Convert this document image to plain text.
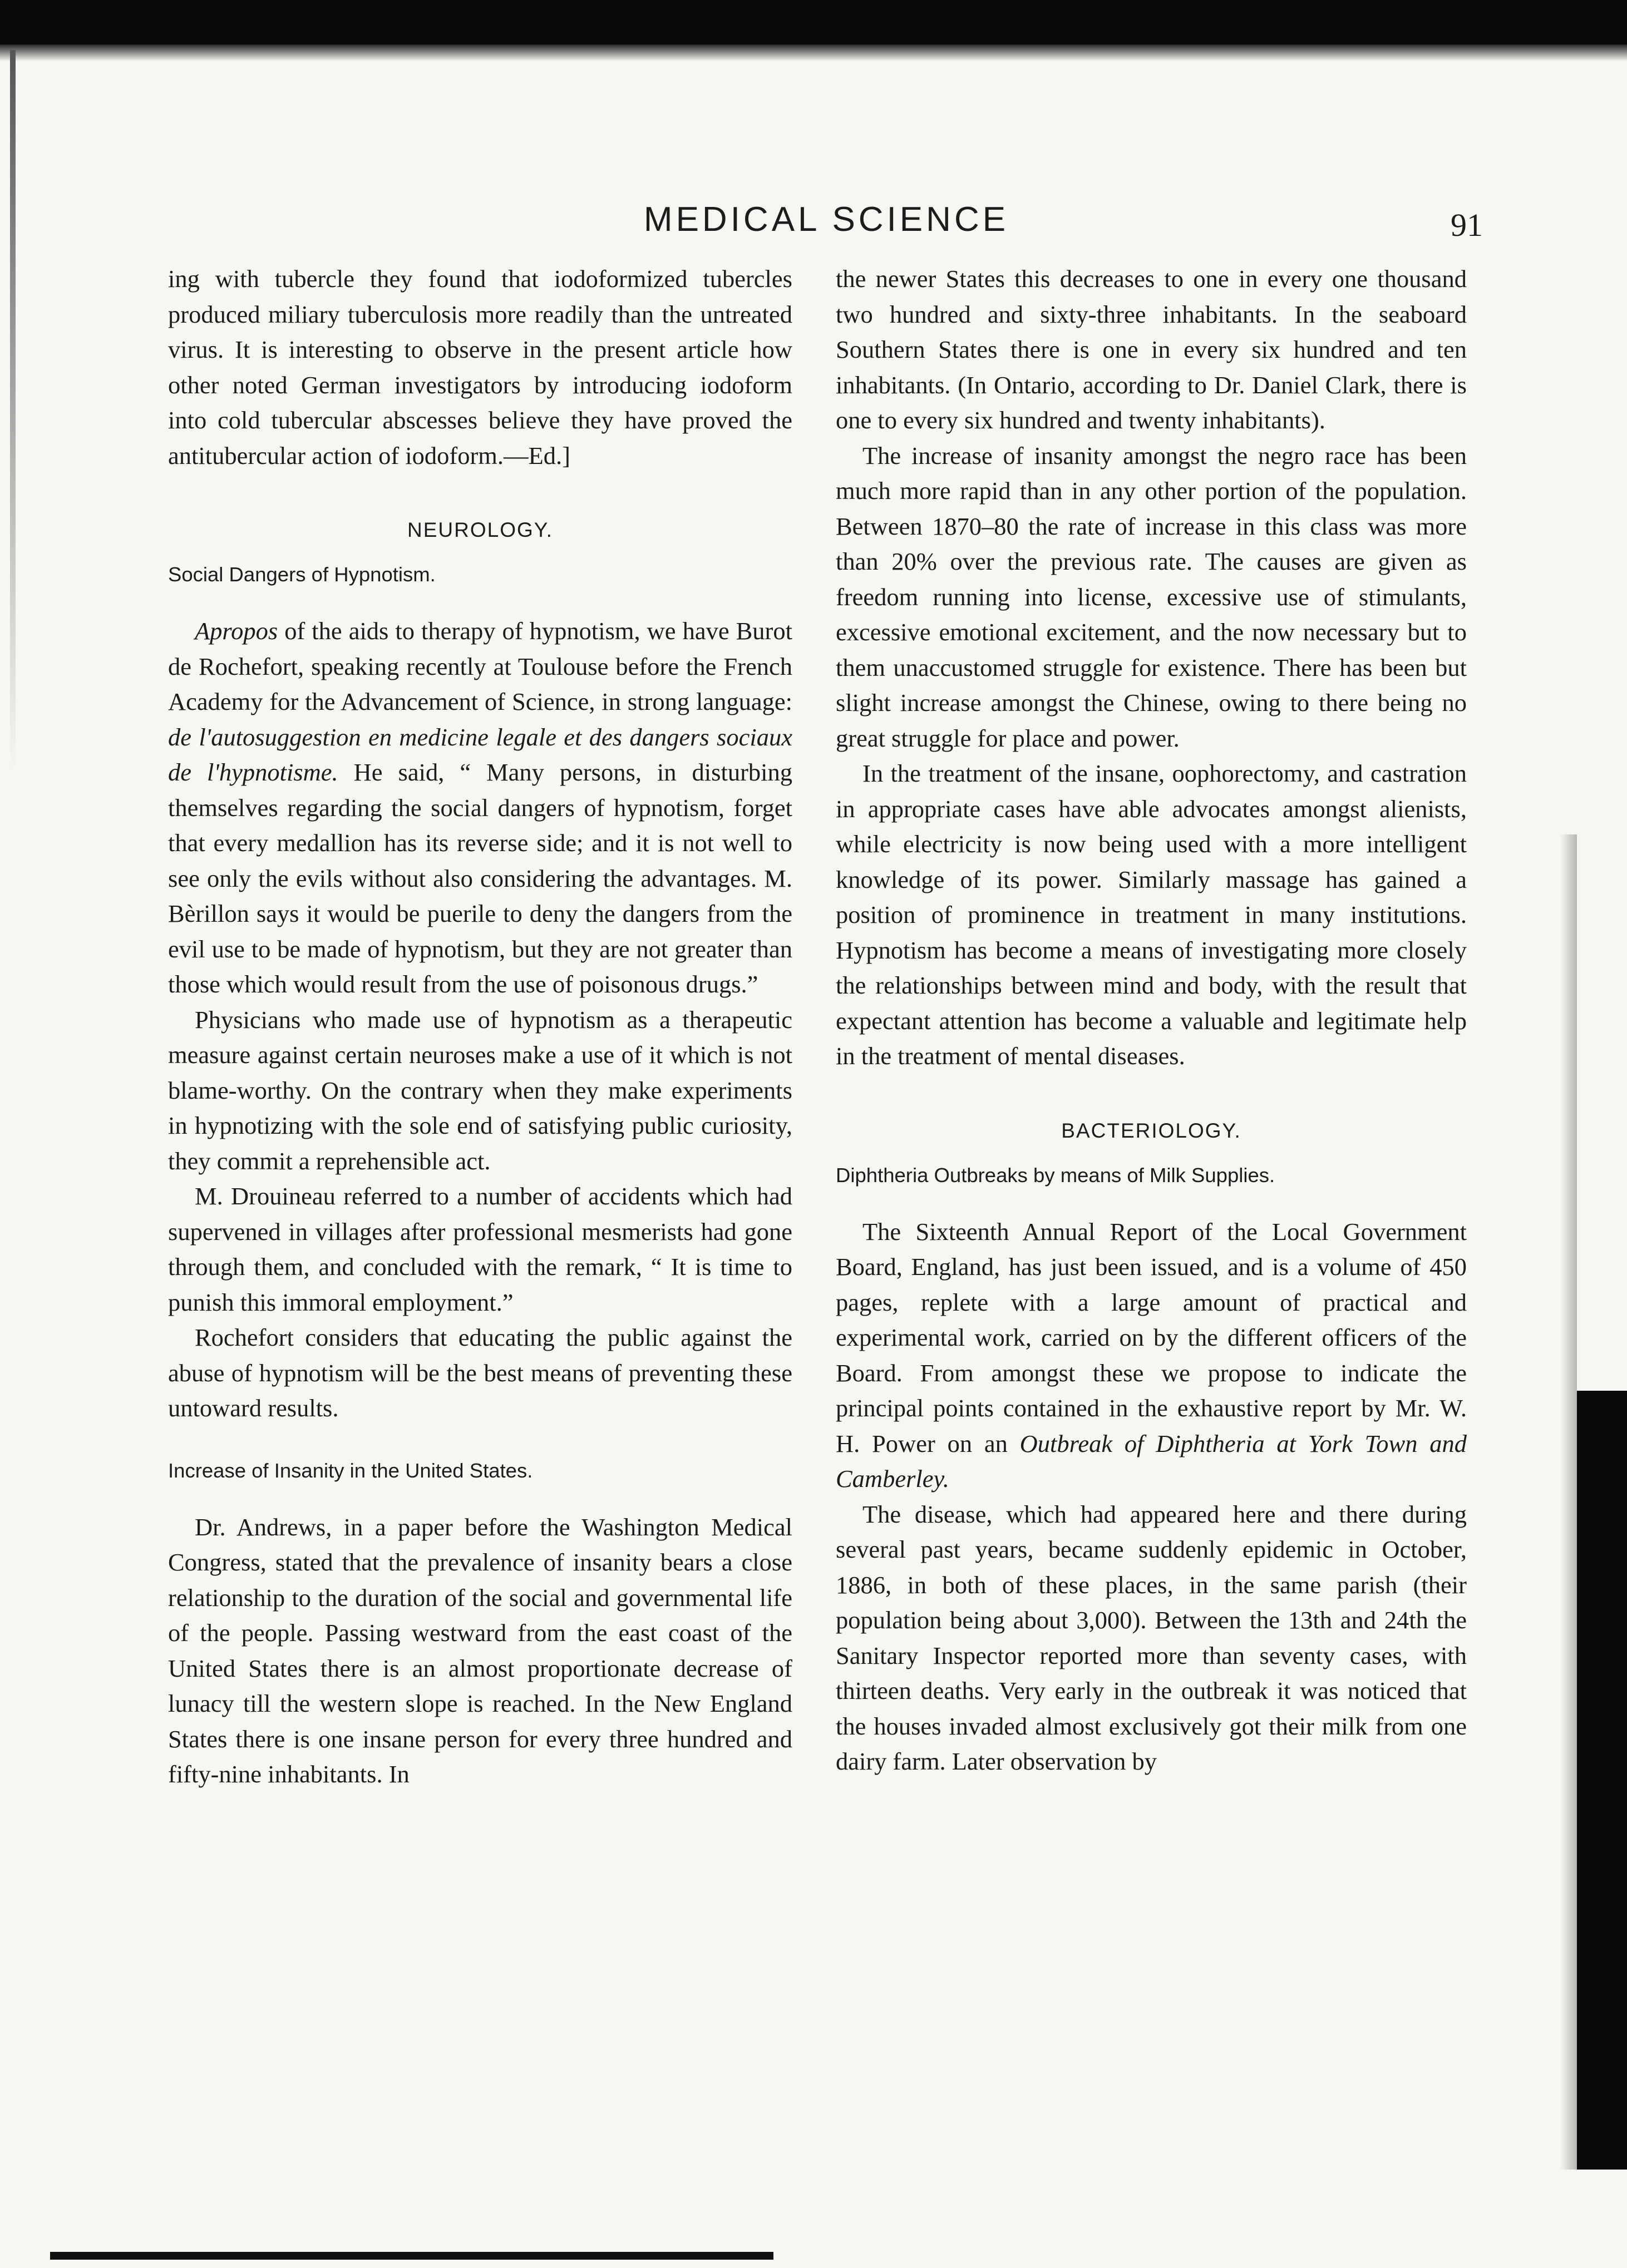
MEDICAL SCIENCE	91

ing with tubercle they found that iodoformized tubercles produced miliary tuberculosis more readily than the untreated virus. It is interesting to observe in the present article how other noted German investigators by introducing iodoform into cold tubercular abscesses believe they have proved the antitubercular action of iodoform.—Ed.]

NEUROLOGY.
Social Dangers of Hypnotism.

Apropos of the aids to therapy of hypnotism, we have Burot de Rochefort, speaking recently at Toulouse before the French Academy for the Advancement of Science, in strong language: de l'autosuggestion en medicine legale et des dangers sociaux de l'hypnotisme. He said, “ Many persons, in disturbing themselves regarding the social dangers of hypnotism, forget that every medallion has its reverse side; and it is not well to see only the evils without also considering the advantages. M. Bèrillon says it would be puerile to deny the dangers from the evil use to be made of hypnotism, but they are not greater than those which would result from the use of poisonous drugs.”

Physicians who made use of hypnotism as a therapeutic measure against certain neuroses make a use of it which is not blame-worthy. On the contrary when they make experiments in hypnotizing with the sole end of satisfying public curiosity, they commit a reprehensible act.

M. Drouineau referred to a number of accidents which had supervened in villages after professional mesmerists had gone through them, and concluded with the remark, “ It is time to punish this immoral employment.”

Rochefort considers that educating the public against the abuse of hypnotism will be the best means of preventing these untoward results.

Increase of Insanity in the United States.

Dr. Andrews, in a paper before the Washington Medical Congress, stated that the prevalence of insanity bears a close relationship to the duration of the social and governmental life of the people. Passing westward from the east coast of the United States there is an almost proportionate decrease of lunacy till the western slope is reached. In the New England States there is one insane person for every three hundred and fifty-nine inhabitants. In

the newer States this decreases to one in every one thousand two hundred and sixty-three inhabitants. In the seaboard Southern States there is one in every six hundred and ten inhabitants. (In Ontario, according to Dr. Daniel Clark, there is one to every six hundred and twenty inhabitants).

The increase of insanity amongst the negro race has been much more rapid than in any other portion of the population. Between 1870–80 the rate of increase in this class was more than 20% over the previous rate. The causes are given as freedom running into license, excessive use of stimulants, excessive emotional excitement, and the now necessary but to them unaccustomed struggle for existence. There has been but slight increase amongst the Chinese, owing to there being no great struggle for place and power.

In the treatment of the insane, oophorectomy, and castration in appropriate cases have able advocates amongst alienists, while electricity is now being used with a more intelligent knowledge of its power. Similarly massage has gained a position of prominence in treatment in many institutions. Hypnotism has become a means of investigating more closely the relationships between mind and body, with the result that expectant attention has become a valuable and legitimate help in the treatment of mental diseases.

BACTERIOLOGY.
Diphtheria Outbreaks by means of Milk Supplies.

The Sixteenth Annual Report of the Local Government Board, England, has just been issued, and is a volume of 450 pages, replete with a large amount of practical and experimental work, carried on by the different officers of the Board. From amongst these we propose to indicate the principal points contained in the exhaustive report by Mr. W. H. Power on an Outbreak of Diphtheria at York Town and Camberley.

The disease, which had appeared here and there during several past years, became suddenly epidemic in October, 1886, in both of these places, in the same parish (their population being about 3,000). Between the 13th and 24th the Sanitary Inspector reported more than seventy cases, with thirteen deaths. Very early in the outbreak it was noticed that the houses invaded almost exclusively got their milk from one dairy farm. Later observation by
